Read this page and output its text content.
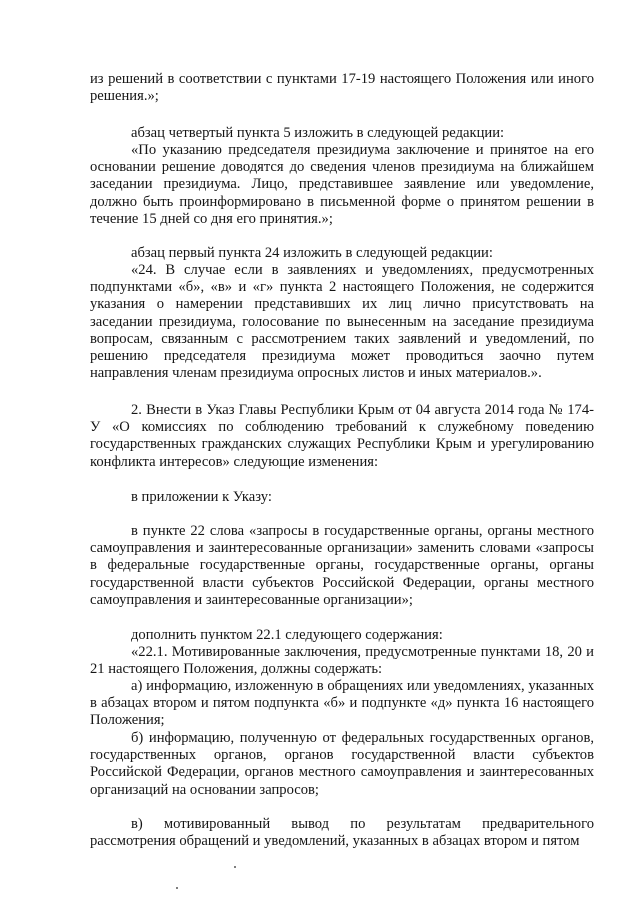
из решений в соответствии с пунктами 17-19 настоящего Положения или иного решения.»;

абзац четвертый пункта 5 изложить в следующей редакции:

«По указанию председателя президиума заключение и принятое на его основании решение доводятся до сведения членов президиума на ближайшем заседании президиума. Лицо, представившее заявление или уведомление, должно быть проинформировано в письменной форме о принятом решении в течение 15 дней со дня его принятия.»;

абзац первый пункта 24 изложить в следующей редакции:

«24. В случае если в заявлениях и уведомлениях, предусмотренных подпунктами «б», «в» и «г» пункта 2 настоящего Положения, не содержится указания о намерении представивших их лиц лично присутствовать на заседании президиума, голосование по вынесенным на заседание президиума вопросам, связанным с рассмотрением таких заявлений и уведомлений, по решению председателя президиума может проводиться заочно путем направления членам президиума опросных листов и иных материалов.».

2. Внести в Указ Главы Республики Крым от 04 августа 2014 года № 174-У «О комиссиях по соблюдению требований к служебному поведению государственных гражданских служащих Республики Крым и урегулированию конфликта интересов» следующие изменения:

в приложении к Указу:

в пункте 22 слова «запросы в государственные органы, органы местного самоуправления и заинтересованные организации» заменить словами «запросы в федеральные государственные органы, государственные органы, органы государственной власти субъектов Российской Федерации, органы местного самоуправления и заинтересованные организации»;

дополнить пунктом 22.1 следующего содержания:

«22.1. Мотивированные заключения, предусмотренные пунктами 18, 20 и 21 настоящего Положения, должны содержать:

а) информацию, изложенную в обращениях или уведомлениях, указанных в абзацах втором и пятом подпункта «б» и подпункте «д» пункта 16 настоящего Положения;

б) информацию, полученную от федеральных государственных органов, государственных органов, органов государственной власти субъектов Российской Федерации, органов местного самоуправления и заинтересованных организаций на основании запросов;

в) мотивированный вывод по результатам предварительного рассмотрения обращений и уведомлений, указанных в абзацах втором и пятом
